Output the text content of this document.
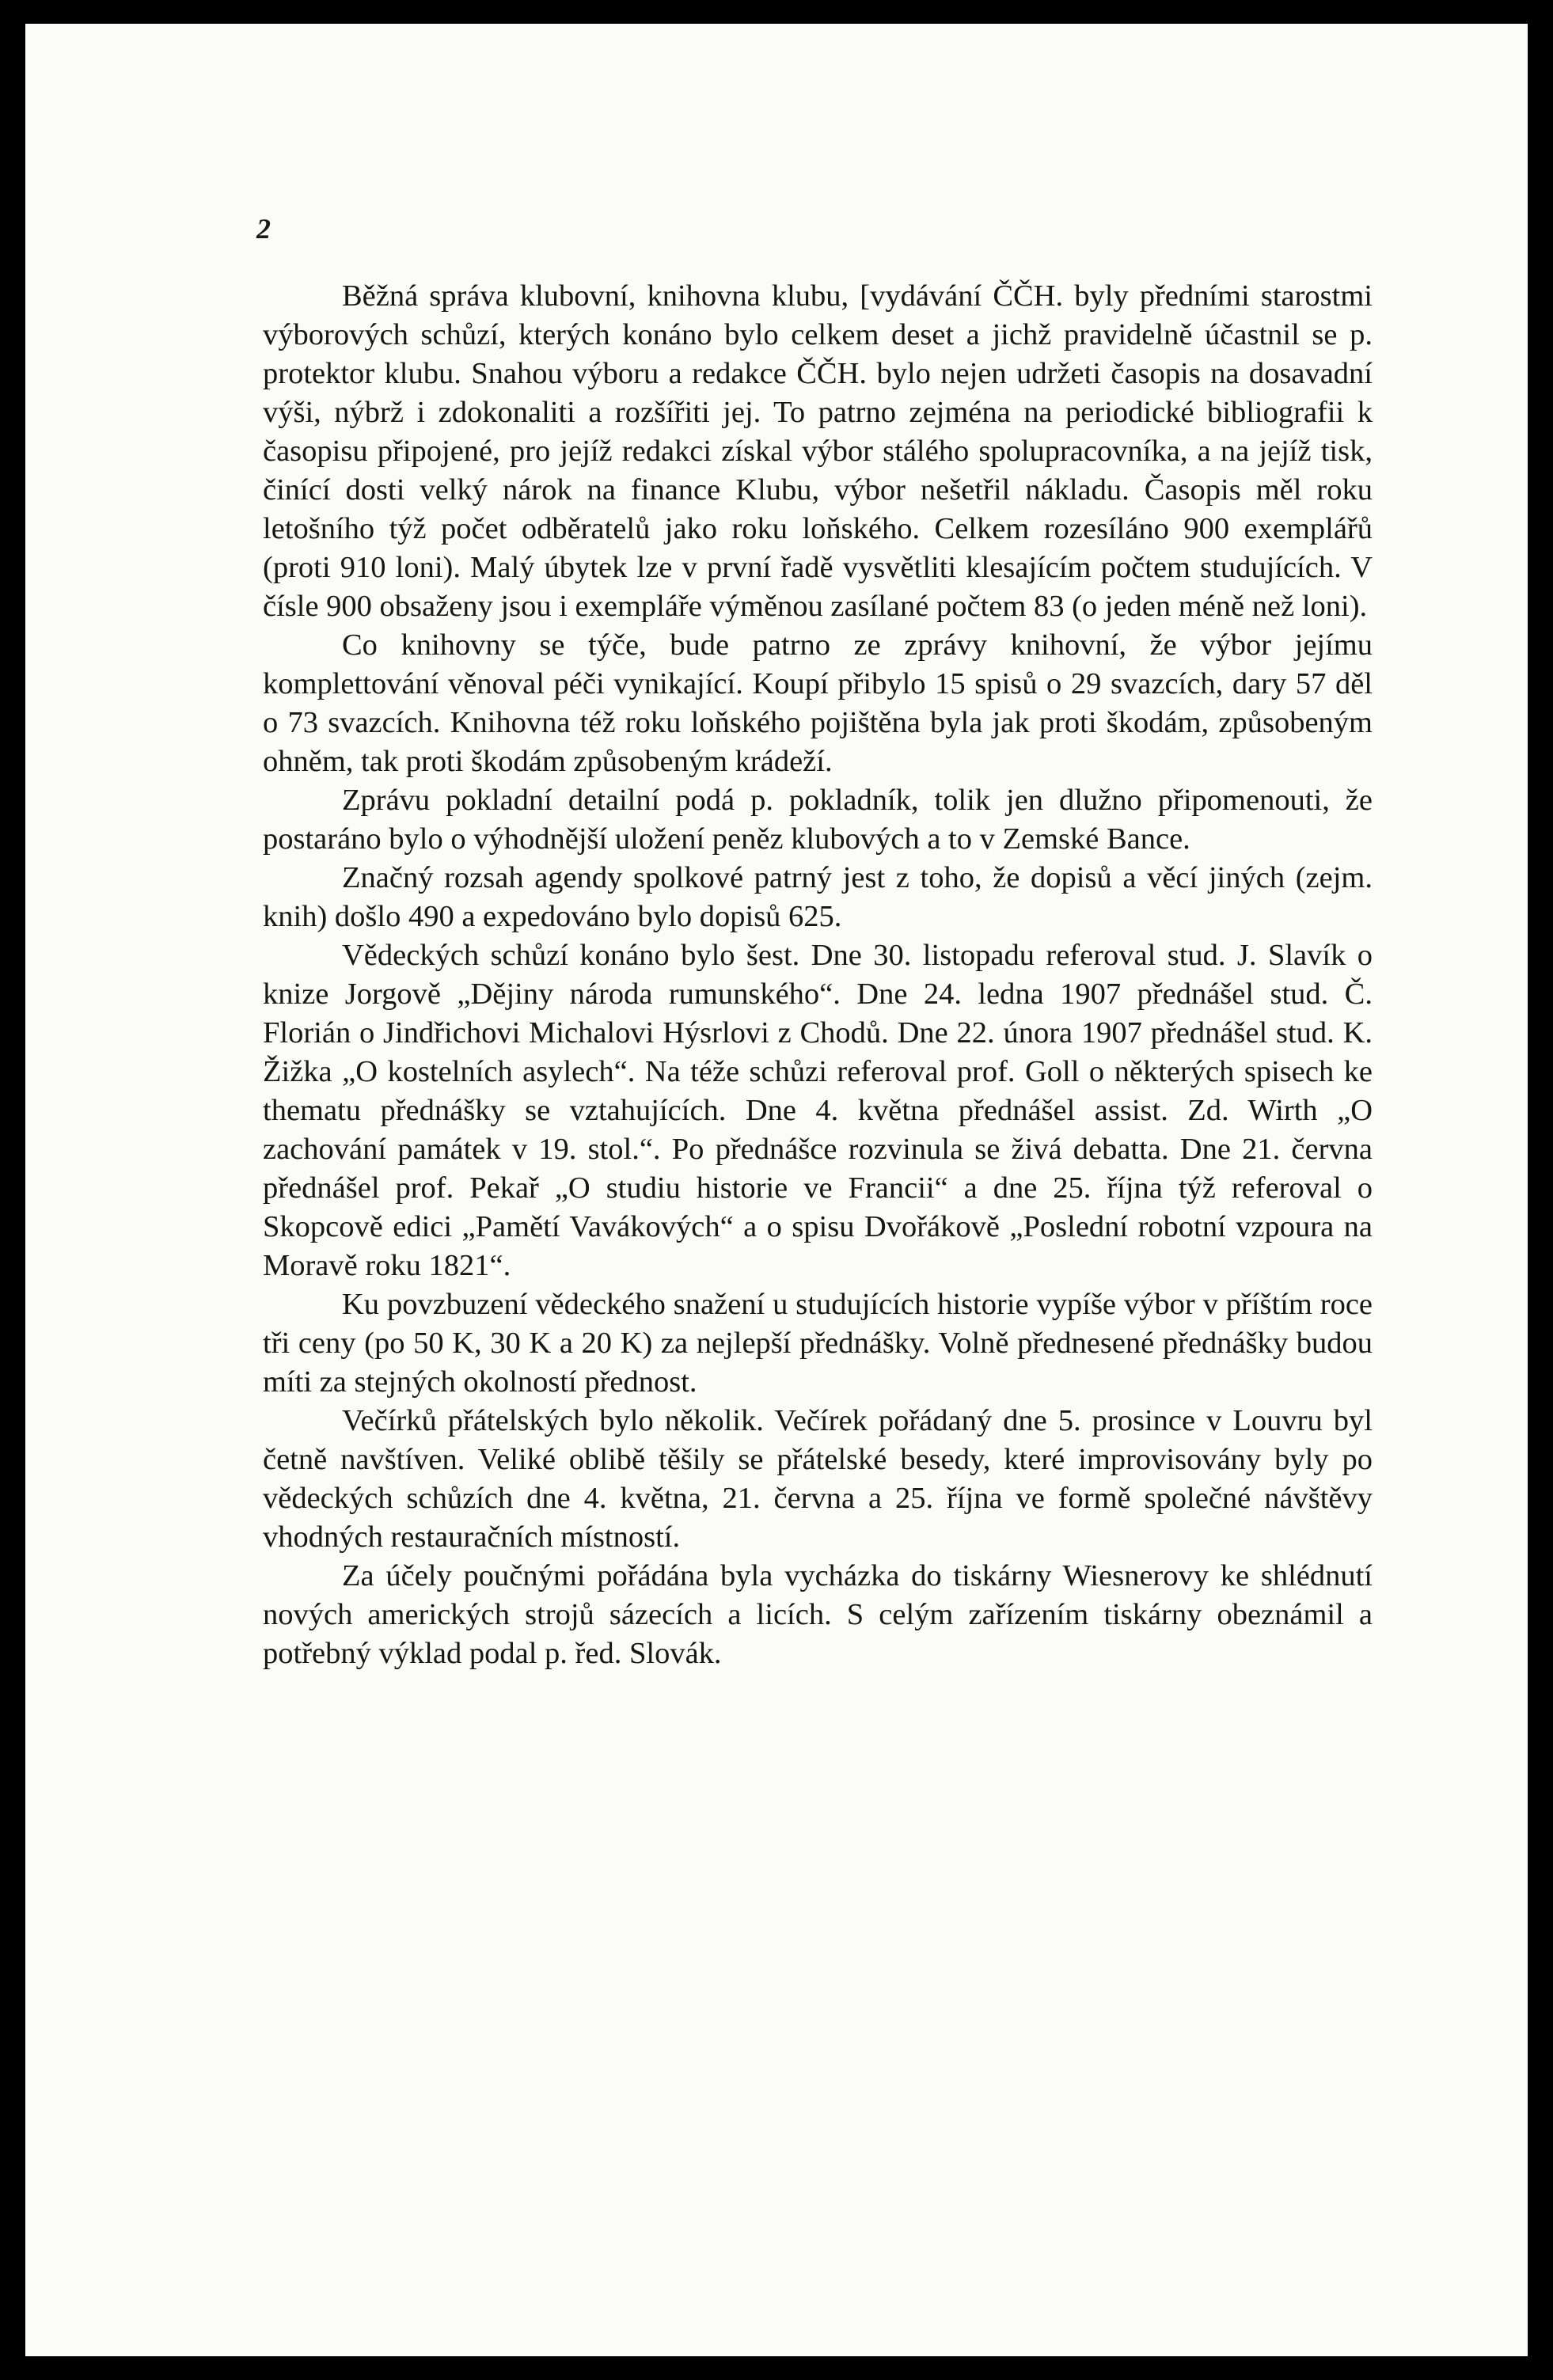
2

Běžná správa klubovní, knihovna klubu, [vydávání ČČH. byly předními starostmi výborových schůzí, kterých konáno bylo celkem deset a jichž pravidelně účastnil se p. protektor klubu. Snahou výboru a redakce ČČH. bylo nejen udržeti časopis na dosavadní výši, nýbrž i zdokonaliti a rozšířiti jej. To patrno zejména na periodické bibliografii k časopisu připojené, pro jejíž redakci získal výbor stálého spolupracovníka, a na jejíž tisk, činící dosti velký nárok na finance Klubu, výbor nešetřil nákladu. Časopis měl roku letošního týž počet odběratelů jako roku loňského. Celkem rozesíláno 900 exemplářů (proti 910 loni). Malý úbytek lze v první řadě vysvětliti klesajícím počtem studujících. V čísle 900 obsaženy jsou i exempláře výměnou zasílané počtem 83 (o jeden méně než loni).

Co knihovny se týče, bude patrno ze zprávy knihovní, že výbor jejímu komplettování věnoval péči vynikající. Koupí přibylo 15 spisů o 29 svazcích, dary 57 děl o 73 svazcích. Knihovna též roku loňského pojištěna byla jak proti škodám, způsobeným ohněm, tak proti škodám způsobeným krádeží.

Zprávu pokladní detailní podá p. pokladník, tolik jen dlužno připomenouti, že postaráno bylo o výhodnější uložení peněz klubových a to v Zemské Bance.

Značný rozsah agendy spolkové patrný jest z toho, že dopisů a věcí jiných (zejm. knih) došlo 490 a expedováno bylo dopisů 625.

Vědeckých schůzí konáno bylo šest. Dne 30. listopadu referoval stud. J. Slavík o knize Jorgově „Dějiny národa rumunského“. Dne 24. ledna 1907 přednášel stud. Č. Florián o Jindřichovi Michalovi Hýsrlovi z Chodů. Dne 22. února 1907 přednášel stud. K. Žižka „O kostelních asylech“. Na téže schůzi referoval prof. Goll o některých spisech ke thematu přednášky se vztahujících. Dne 4. května přednášel assist. Zd. Wirth „O zachování památek v 19. stol.“. Po přednášce rozvinula se živá debatta. Dne 21. června přednášel prof. Pekař „O studiu historie ve Francii“ a dne 25. října týž referoval o Skopcově edici „Pamětí Vavákových“ a o spisu Dvořákově „Poslední robotní vzpoura na Moravě roku 1821“.

Ku povzbuzení vědeckého snažení u studujících historie vypíše výbor v příštím roce tři ceny (po 50 K, 30 K a 20 K) za nejlepší přednášky. Volně přednesené přednášky budou míti za stejných okolností přednost.

Večírků přátelských bylo několik. Večírek pořádaný dne 5. prosince v Louvru byl četně navštíven. Veliké oblibě těšily se přátelské besedy, které improvisovány byly po vědeckých schůzích dne 4. května, 21. června a 25. října ve formě společné návštěvy vhodných restauračních místností.

Za účely poučnými pořádána byla vycházka do tiskárny Wiesnerovy ke shlédnutí nových amerických strojů sázecích a licích. S celým zařízením tiskárny obeznámil a potřebný výklad podal p. řed. Slovák.
